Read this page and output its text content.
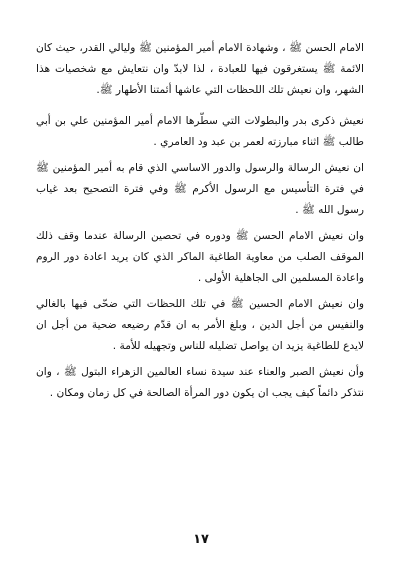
الامام الحسن ﷺ ، وشهادة الامام أمير المؤمنين ﷺ وليالي القدر، حيث كان الائمة ﷺ يستغرقون فيها للعبادة ، لذا لابدّ وان نتعايش مع شخصيات هذا الشهر، وان نعيش تلك اللحظات التي عاشها أئمتنا الأطهار ﷺ.

نعيش ذكرى بدر والبطولات التي سطّرها الامام أمير المؤمنين علي بن أبي طالب ﷺ اثناء مبارزته لعمر بن عبد ود العامري .

ان نعيش الرسالة والرسول والدور الاساسي الذي قام به أمير المؤمنين ﷺ في فترة التأسيس مع الرسول الأكرم ﷺ وفي فترة التصحيح بعد غياب رسول الله ﷺ .

وان نعيش الامام الحسن ﷺ ودوره في تحصين الرسالة عندما وقف ذلك الموقف الصلب من معاوية الطاغية الماكر الذي كان يريد اعادة دور الروم واعادة المسلمين الى الجاهلية الأولى .

وان نعيش الامام الحسين ﷺ في تلك اللحظات التي ضحّى فيها بالغالي والنفيس من أجل الدين ، وبلغ الأمر به ان قدّم رضيعه ضحية من أجل ان لايدع للطاغية يزيد ان يواصل تضليله للناس وتجهيله للأمة .

وأن نعيش الصبر والعناء عند سيدة نساء العالمين الزهراء البتول ﷺ ، وان نتذكر دائماً كيف يجب ان يكون دور المرأة الصالحة في كل زمان ومكان .

١٧
